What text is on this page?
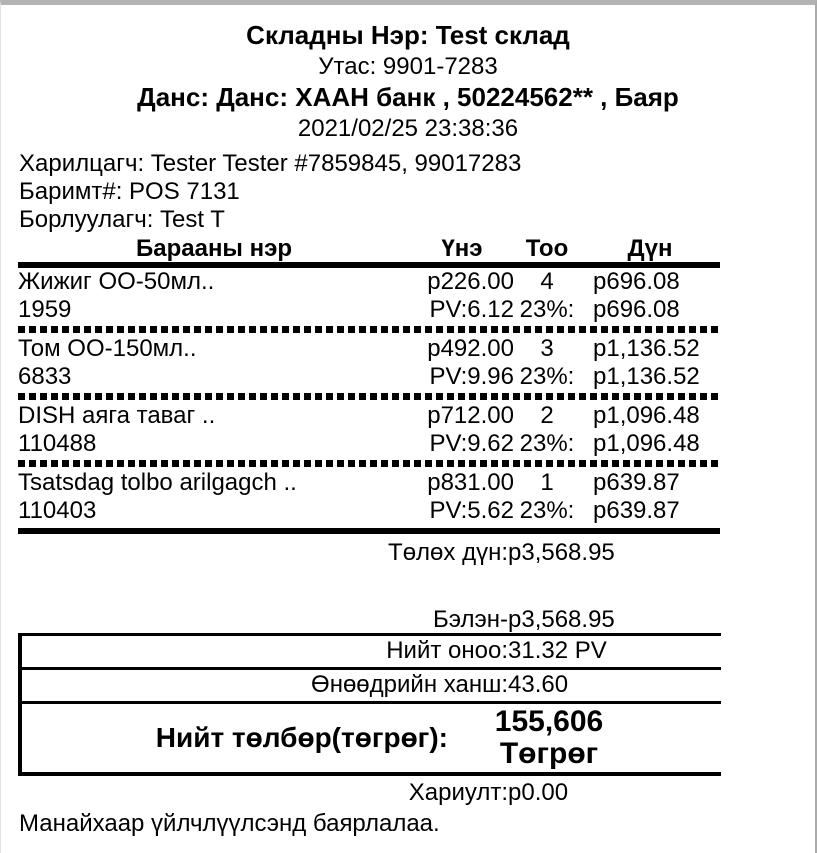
Складны Нэр: Test склад
Утас: 9901-7283
Данс: Данс: ХААН банк , 50224562** , Баяр
2021/02/25 23:38:36
Харилцагч: Tester Tester #7859845, 99017283
Баримт#: POS 7131
Борлуулагч: Test T
Барааны нэр	Үнэ	Тоо	Дүн
Жижиг ОО-50мл..	р226.00	4	р696.08
1959	PV:6.12 23%: р696.08
Том ОО-150мл..	р492.00	3	р1,136.52
6833	PV:9.96 23%: р1,136.52
DISH аяга таваг ..	р712.00	2	р1,096.48
110488	PV:9.62 23%: р1,096.48
Tsatsdag tolbo arilgagch ..	р831.00	1	р639.87
110403	PV:5.62 23%: р639.87
Төлөх дүн: р3,568.95
Бэлэн- р3,568.95
Нийт оноо: 31.32 PV
Өнөөдрийн ханш: 43.60
Нийт төлбөр(төгрөг):	155,606
Төгрөг
Хариулт: р0.00
Манайхаар үйлчлүүлсэнд баярлалаа.
